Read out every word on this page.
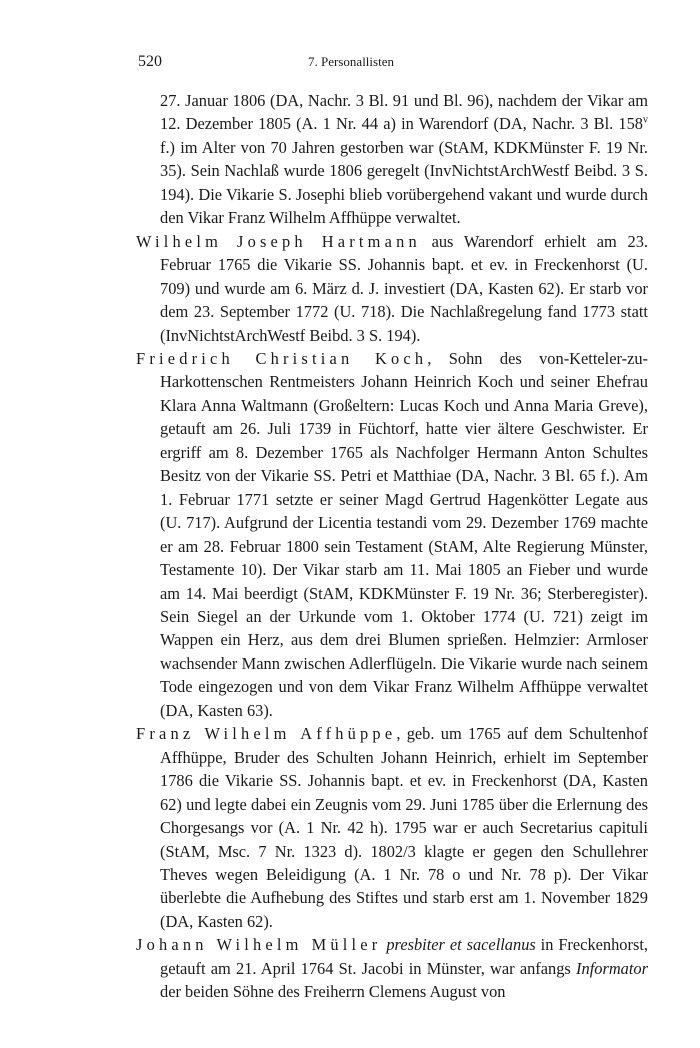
520	7. Personallisten

27. Januar 1806 (DA, Nachr. 3 Bl. 91 und Bl. 96), nachdem der Vikar am 12. Dezember 1805 (A. 1 Nr. 44 a) in Warendorf (DA, Nachr. 3 Bl. 158$^v$ f.) im Alter von 70 Jahren gestorben war (StAM, KDKMünster F. 19 Nr. 35). Sein Nachlaß wurde 1806 geregelt (InvNichtstArchWestf Beibd. 3 S. 194). Die Vikarie S. Josephi blieb vorübergehend vakant und wurde durch den Vikar Franz Wilhelm Affhüppe verwaltet.

Wilhelm Joseph Hartmann aus Warendorf erhielt am 23. Februar 1765 die Vikarie SS. Johannis bapt. et ev. in Freckenhorst (U. 709) und wurde am 6. März d. J. investiert (DA, Kasten 62). Er starb vor dem 23. September 1772 (U. 718). Die Nachlaßregelung fand 1773 statt (InvNichtstArchWestf Beibd. 3 S. 194).

Friedrich Christian Koch, Sohn des von-Ketteler-zu-Harkottenschen Rentmeisters Johann Heinrich Koch und seiner Ehefrau Klara Anna Waltmann (Großeltern: Lucas Koch und Anna Maria Greve), getauft am 26. Juli 1739 in Füchtorf, hatte vier ältere Geschwister. Er ergriff am 8. Dezember 1765 als Nachfolger Hermann Anton Schultes Besitz von der Vikarie SS. Petri et Matthiae (DA, Nachr. 3 Bl. 65 f.). Am 1. Februar 1771 setzte er seiner Magd Gertrud Hagenkötter Legate aus (U. 717). Aufgrund der Licentia testandi vom 29. Dezember 1769 machte er am 28. Februar 1800 sein Testament (StAM, Alte Regierung Münster, Testamente 10). Der Vikar starb am 11. Mai 1805 an Fieber und wurde am 14. Mai beerdigt (StAM, KDKMünster F. 19 Nr. 36; Sterberegister). Sein Siegel an der Urkunde vom 1. Oktober 1774 (U. 721) zeigt im Wappen ein Herz, aus dem drei Blumen sprießen. Helmzier: Armloser wachsender Mann zwischen Adlerflügeln. Die Vikarie wurde nach seinem Tode eingezogen und von dem Vikar Franz Wilhelm Affhüppe verwaltet (DA, Kasten 63).

Franz Wilhelm Affhüppe, geb. um 1765 auf dem Schultenhof Affhüppe, Bruder des Schulten Johann Heinrich, erhielt im September 1786 die Vikarie SS. Johannis bapt. et ev. in Freckenhorst (DA, Kasten 62) und legte dabei ein Zeugnis vom 29. Juni 1785 über die Erlernung des Chorgesangs vor (A. 1 Nr. 42 h). 1795 war er auch Secretarius capituli (StAM, Msc. 7 Nr. 1323 d). 1802/3 klagte er gegen den Schullehrer Theves wegen Beleidigung (A. 1 Nr. 78 o und Nr. 78 p). Der Vikar überlebte die Aufhebung des Stiftes und starb erst am 1. November 1829 (DA, Kasten 62).

Johann Wilhelm Müller presbiter et sacellanus in Freckenhorst, getauft am 21. April 1764 St. Jacobi in Münster, war anfangs Informator der beiden Söhne des Freiherrn Clemens August von
